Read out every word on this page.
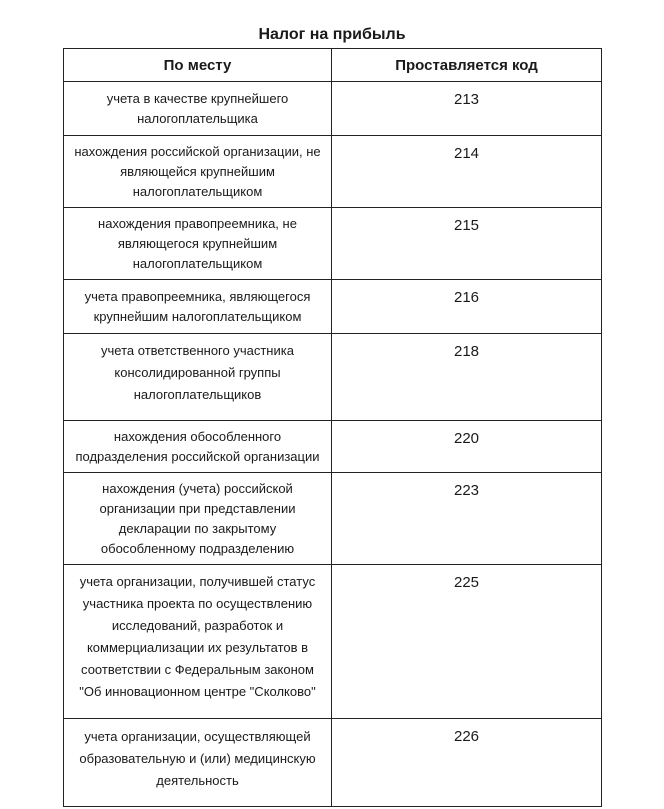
Налог на прибыль
По месту	Проставляется код
учета в качестве крупнейшего
налогоплательщика
213
нахождения российской организации, не
являющейся крупнейшим
налогоплательщиком
214
нахождения правопреемника, не
являющегося крупнейшим
налогоплательщиком
215
учета правопреемника, являющегося
крупнейшим налогоплательщиком
216
учета ответственного участника
консолидированной группы
налогоплательщиков
218
нахождения обособленного
подразделения российской организации
220
нахождения (учета) российской
организации при представлении
декларации по закрытому
обособленному подразделению
223
учета организации, получившей статус
участника проекта по осуществлению
исследований, разработок и
коммерциализации их результатов в
соответствии с Федеральным законом
"Об инновационном центре "Сколково"
225
учета организации, осуществляющей
образовательную и (или) медицинскую
деятельность
226
